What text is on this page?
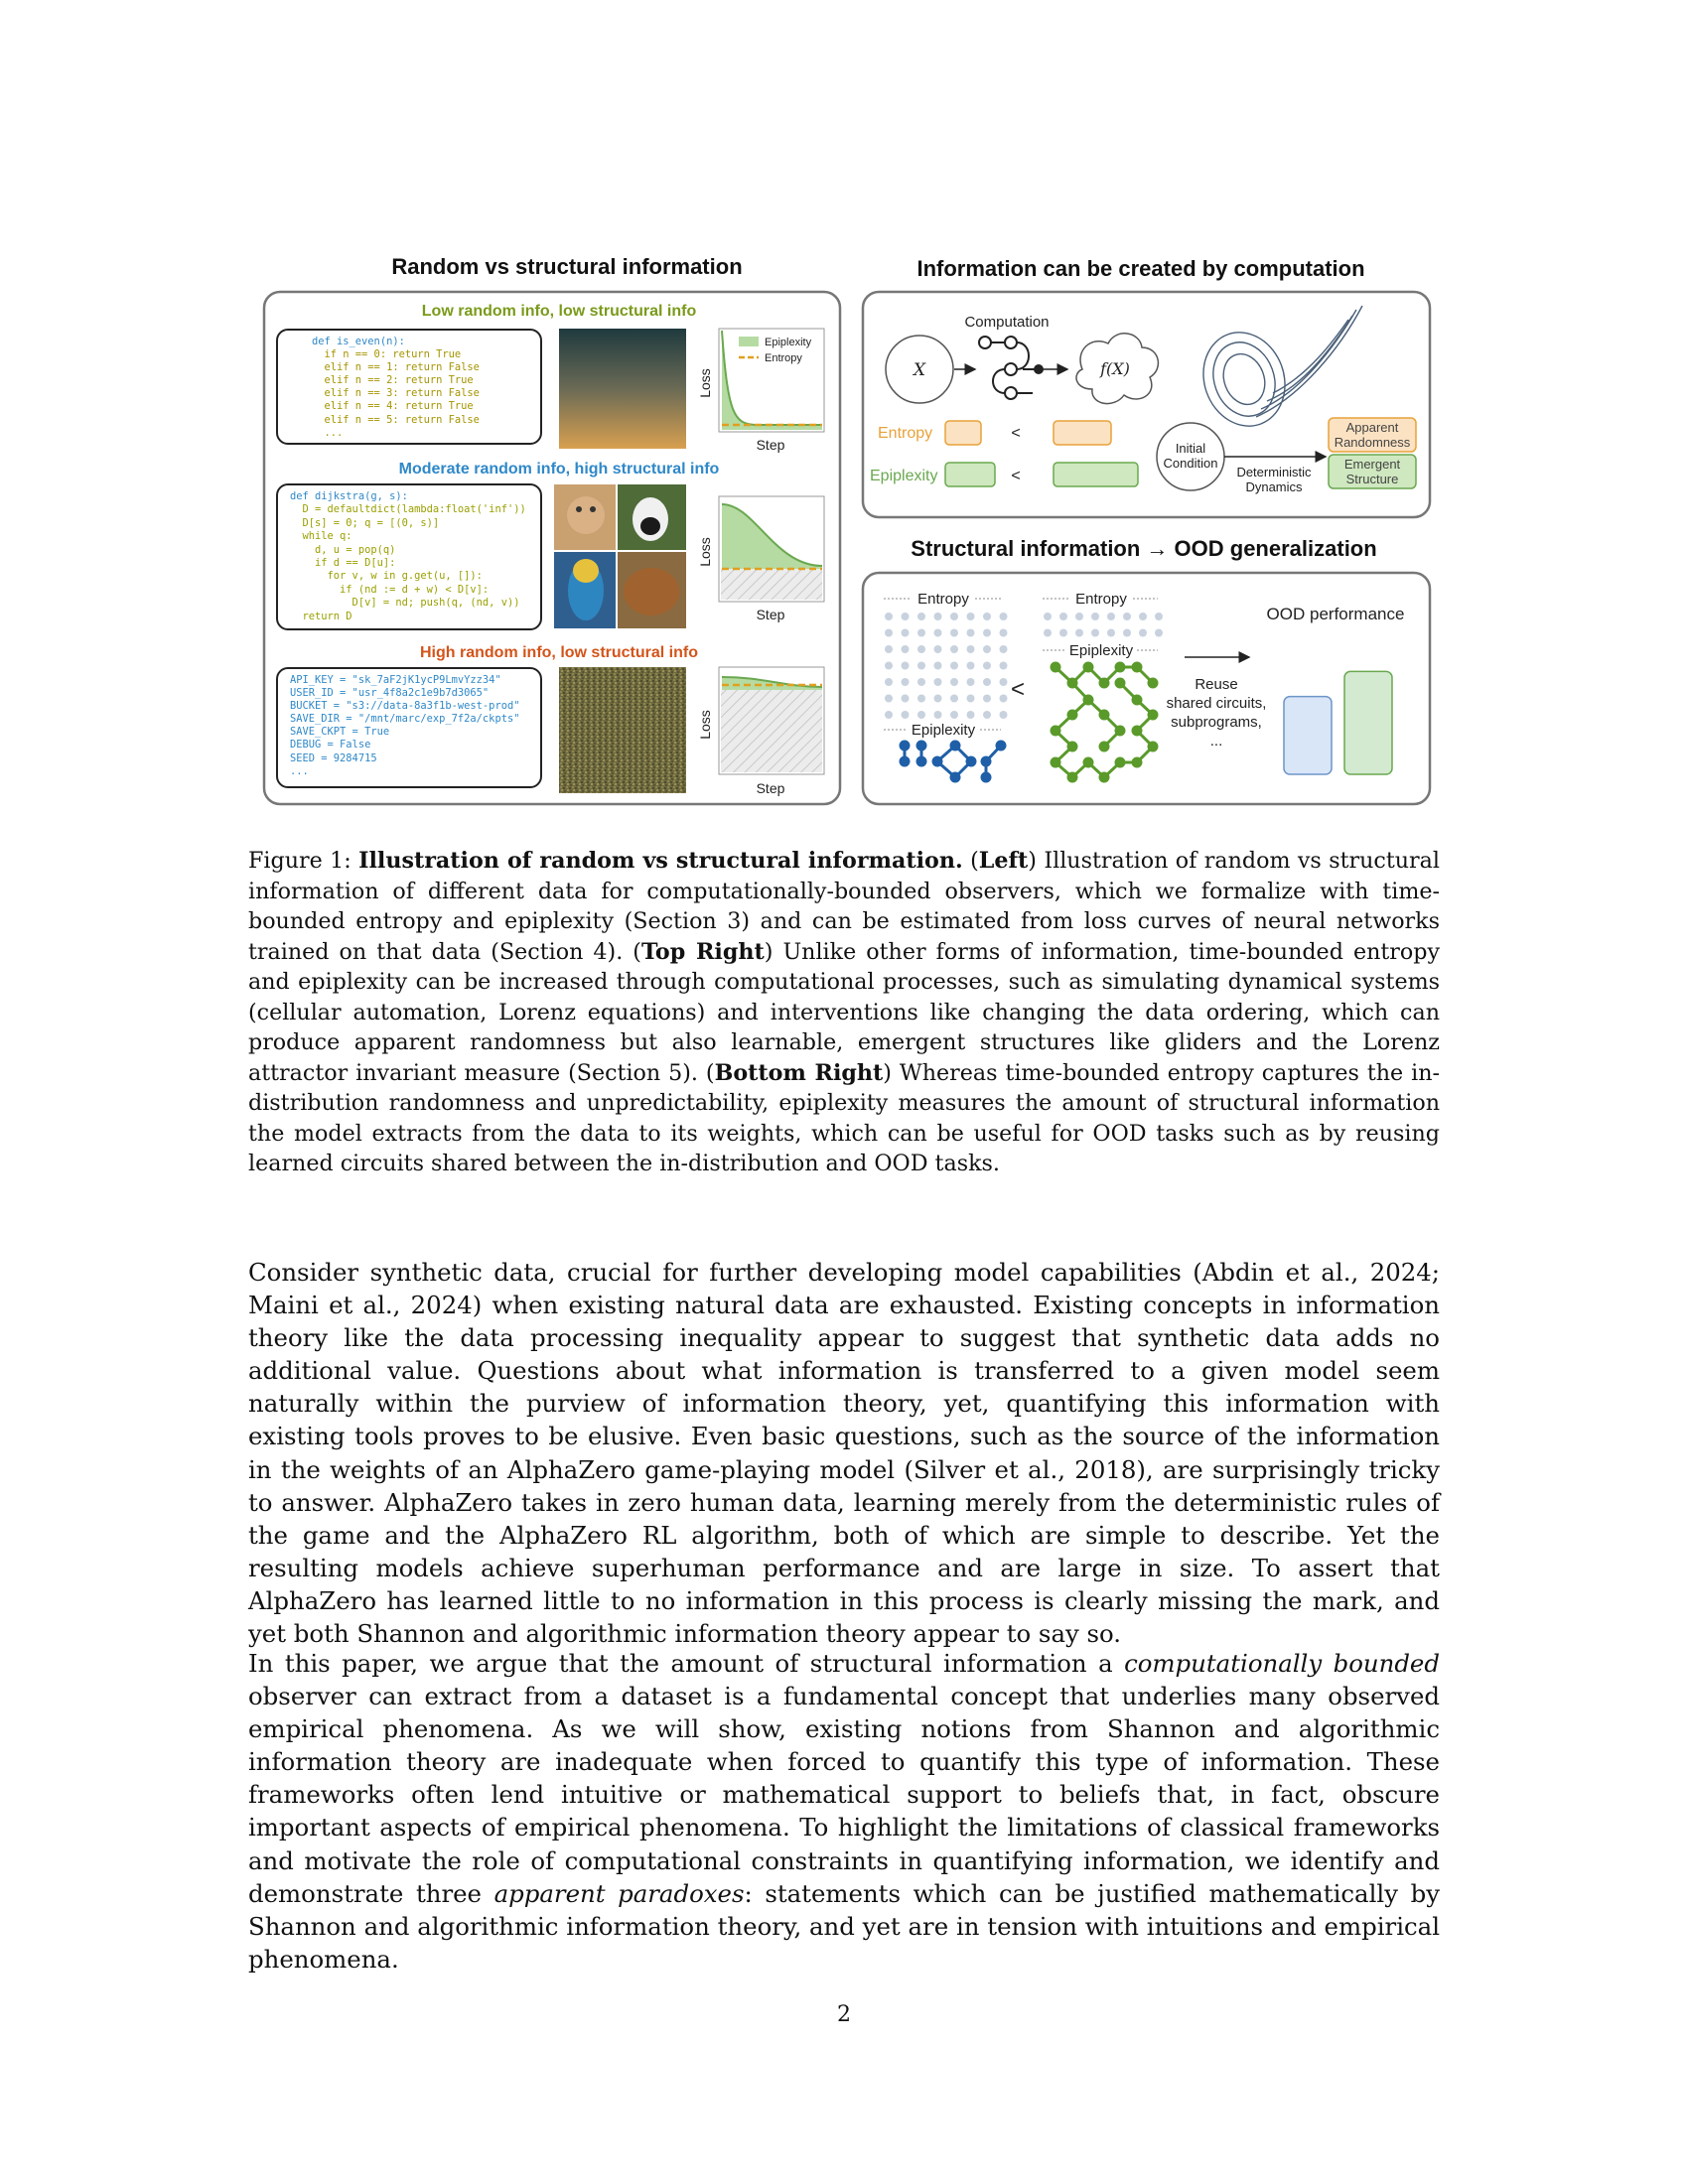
Random vs structural information
Low random info, low structural info
Loss
Epiplexity
Entropy
Step
Moderate random info, high structural info
Loss
Step
High random info, low structural info
Loss
Step
Information can be created by computation
Computation
X	f(X)
Entropy	<
Epiplexity	<
Initial
Condition
Deterministic
Dynamics
Apparent
Randomness
Emergent
Structure
Structural information → OOD generalization
Entropy
Epiplexity
<
Entropy
Epiplexity
Reuse
shared circuits,
subprograms,
...
OOD performance
def is_even(n):
if n == 0: return True
elif n == 1: return False
elif n == 2: return True
elif n == 3: return False
elif n == 4: return True
elif n == 5: return False
...
def dijkstra(g, s):
D = defaultdict(lambda:float('inf'))
D[s] = 0; q = [(0, s)]
while q:
d, u = pop(q)
if d == D[u]:
for v, w in g.get(u, []):
if (nd := d + w) < D[v]:
D[v] = nd; push(q, (nd, v))
return D
API_KEY = "sk_7aF2jK1ycP9LmvYzz34"
USER_ID = "usr_4f8a2c1e9b7d3065"
BUCKET = "s3://data-8a3f1b-west-prod"
SAVE_DIR = "/mnt/marc/exp_7f2a/ckpts"
SAVE_CKPT = True
DEBUG = False
SEED = 9284715
...
Figure 1: Illustration of random vs structural information. (Left) Illustration of random vs structural information of different data for computationally-bounded observers, which we formalize with time-bounded entropy and epiplexity (Section 3) and can be estimated from loss curves of neural networks trained on that data (Section 4). (Top Right) Unlike other forms of information, time-bounded entropy and epiplexity can be increased through computational processes, such as simulating dynamical systems (cellular automation, Lorenz equations) and interventions like changing the data ordering, which can produce apparent randomness but also learnable, emergent structures like gliders and the Lorenz attractor invariant measure (Section 5). (Bottom Right) Whereas time-bounded entropy captures the in-distribution randomness and unpredictability, epiplexity measures the amount of structural information the model extracts from the data to its weights, which can be useful for OOD tasks such as by reusing learned circuits shared between the in-distribution and OOD tasks.

Consider synthetic data, crucial for further developing model capabilities (Abdin et al., 2024; Maini et al., 2024) when existing natural data are exhausted. Existing concepts in information theory like the data processing inequality appear to suggest that synthetic data adds no additional value. Questions about what information is transferred to a given model seem naturally within the purview of information theory, yet, quantifying this information with existing tools proves to be elusive. Even basic questions, such as the source of the information in the weights of an AlphaZero game-playing model (Silver et al., 2018), are surprisingly tricky to answer. AlphaZero takes in zero human data, learning merely from the deterministic rules of the game and the AlphaZero RL algorithm, both of which are simple to describe. Yet the resulting models achieve superhuman performance and are large in size. To assert that AlphaZero has learned little to no information in this process is clearly missing the mark, and yet both Shannon and algorithmic information theory appear to say so.

In this paper, we argue that the amount of structural information a computationally bounded observer can extract from a dataset is a fundamental concept that underlies many observed empirical phenomena. As we will show, existing notions from Shannon and algorithmic information theory are inadequate when forced to quantify this type of information. These frameworks often lend intuitive or mathematical support to beliefs that, in fact, obscure important aspects of empirical phenomena. To highlight the limitations of classical frameworks and motivate the role of computational constraints in quantifying information, we identify and demonstrate three apparent paradoxes: statements which can be justified mathematically by Shannon and algorithmic information theory, and yet are in tension with intuitions and empirical phenomena.

2
